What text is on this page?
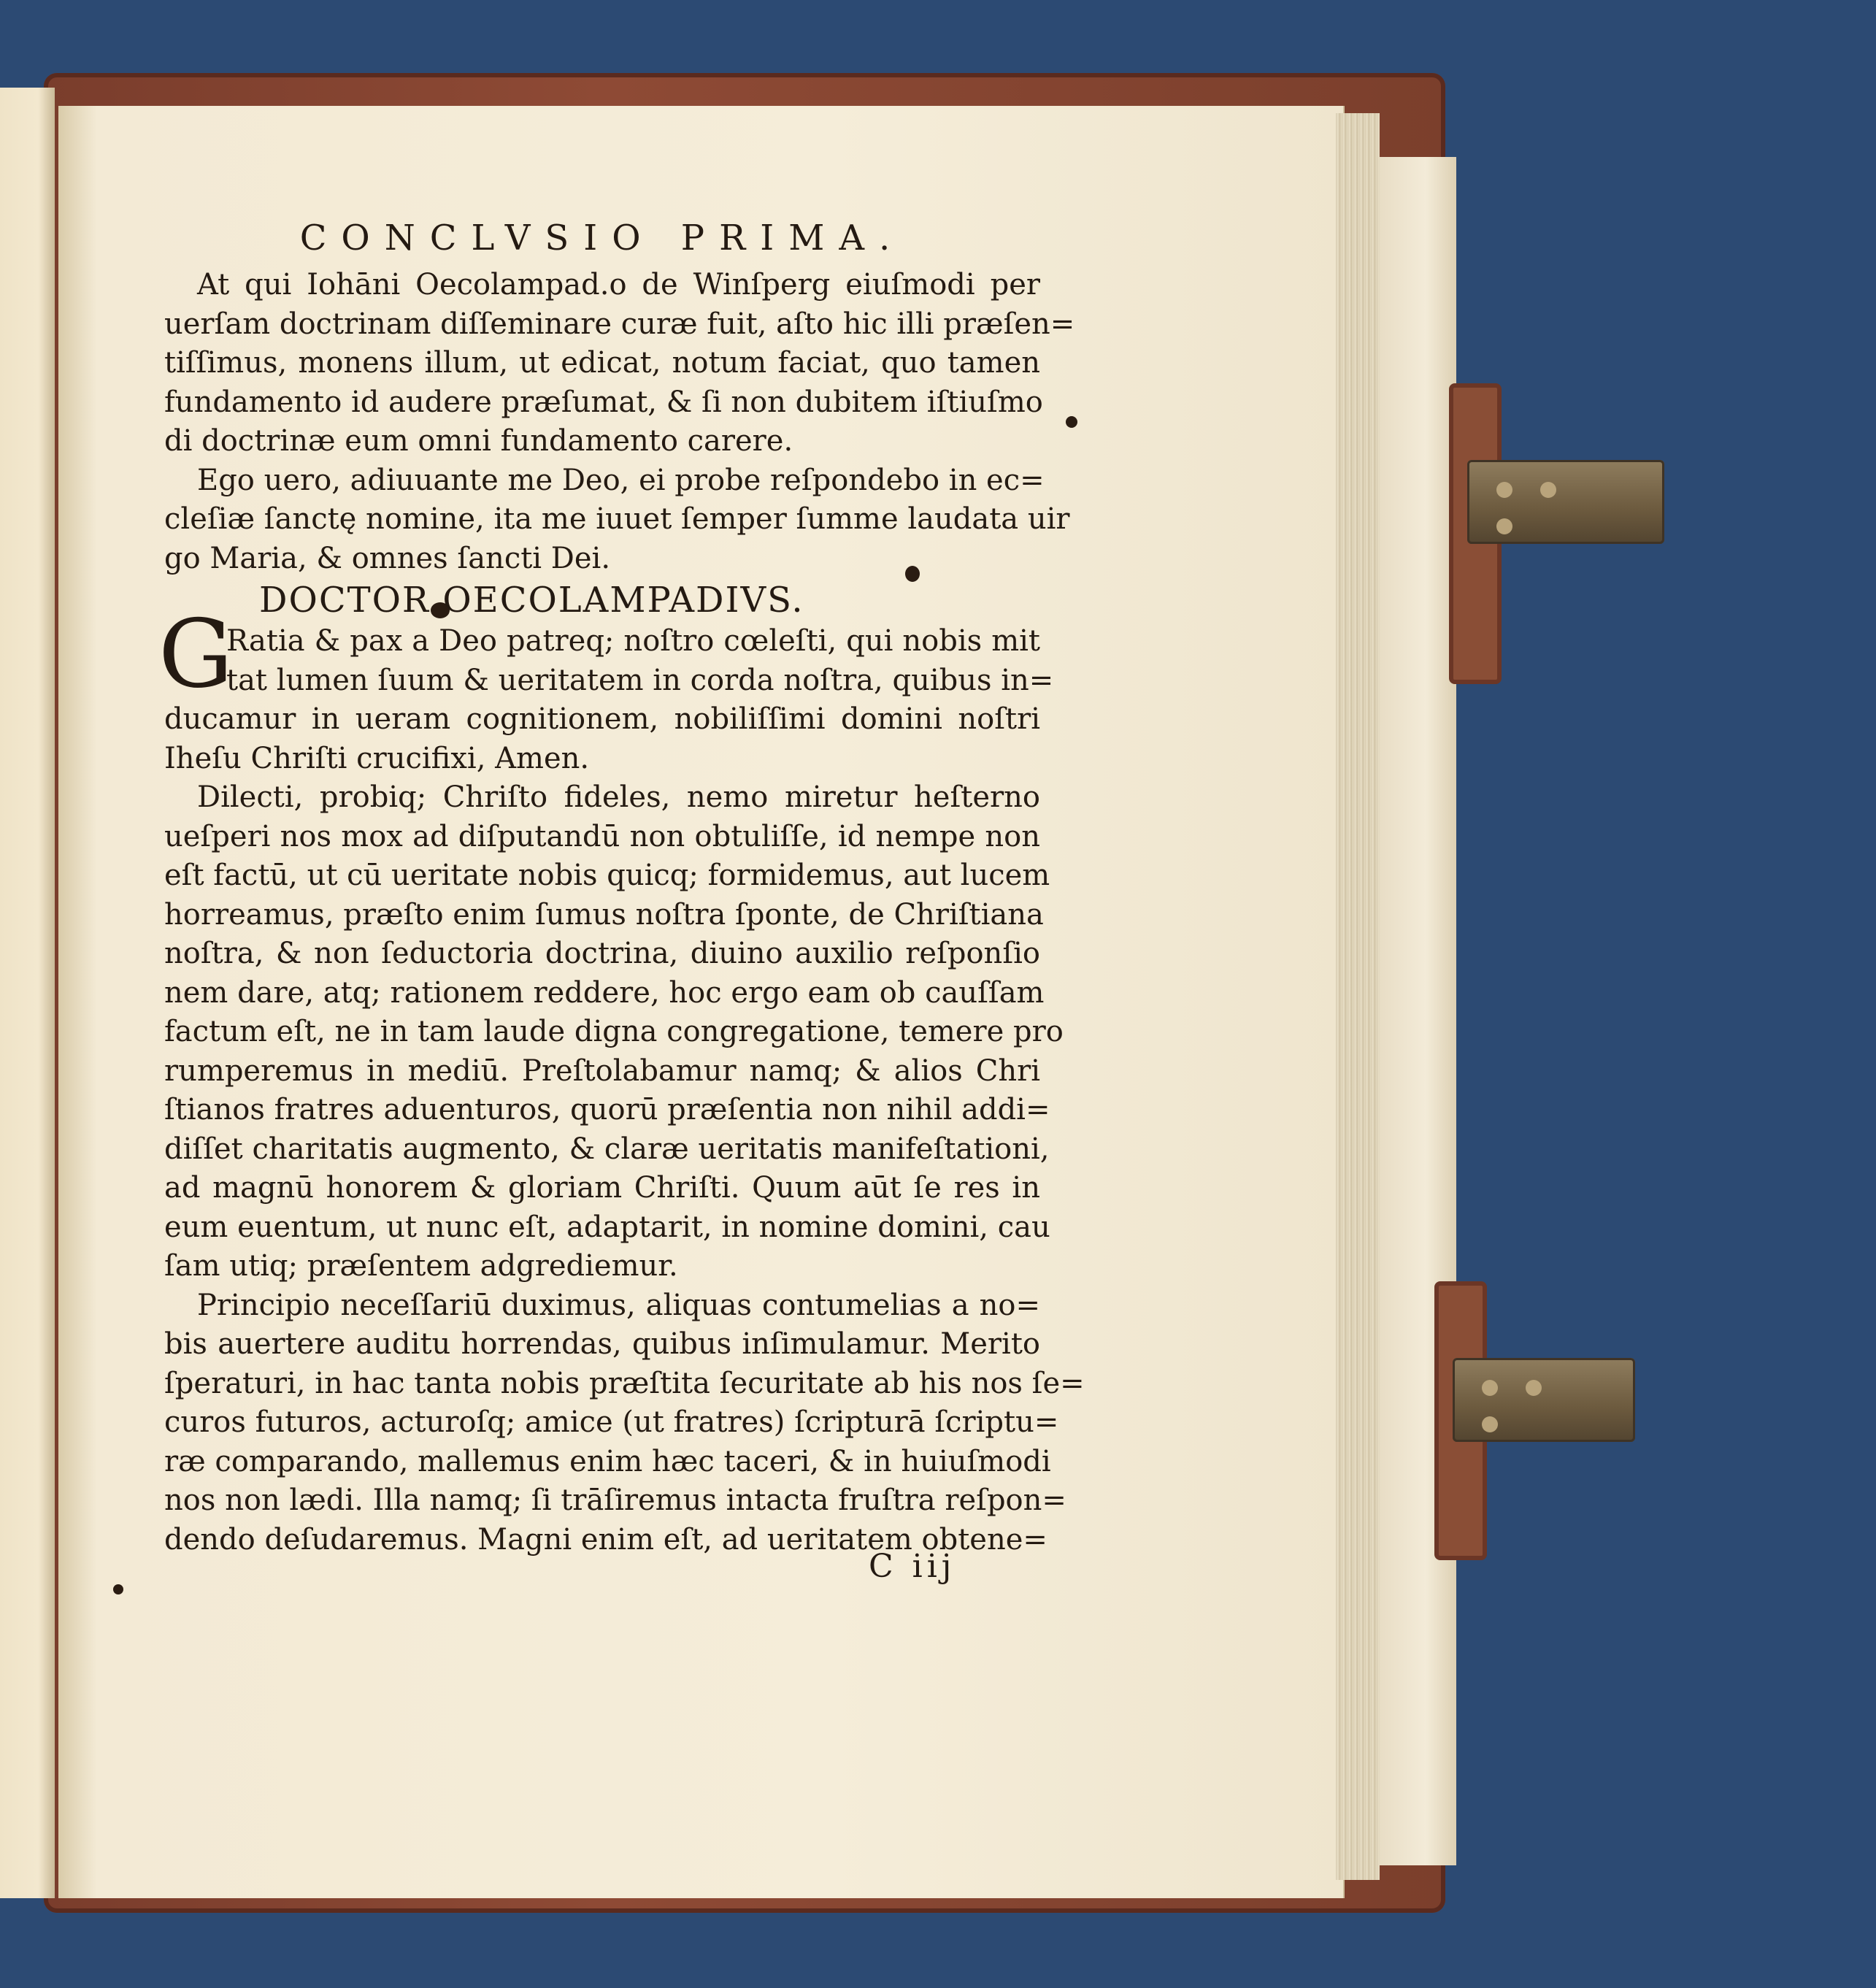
CONCLVSIO PRIMA.
At qui Iohāni Oecolampad.o de Winſperg eiuſmodi per
uerſam doctrinam diſſeminare curæ fuit, aſto hic illi præſen=
tiſſimus, monens illum, ut edicat, notum faciat, quo tamen
fundamento id audere præſumat, & ſi non dubitem iſtiuſmo
di doctrinæ eum omni fundamento carere.
Ego uero, adiuuante me Deo, ei probe reſpondebo in ec=
cleſiæ ſanctę nomine, ita me iuuet ſemper ſumme laudata uir
go Maria, & omnes ſancti Dei.
DOCTOR OECOLAMPADIVS.
G
Ratia & pax a Deo patreq; noſtro cœleſti, qui nobis mit
tat lumen ſuum & ueritatem in corda noſtra, quibus in=
ducamur in ueram cognitionem, nobiliſſimi domini noſtri
Iheſu Chriſti crucifixi, Amen.
Dilecti, probiq; Chriſto fideles, nemo miretur heſterno
ueſperi nos mox ad diſputandū non obtuliſſe, id nempe non
eſt factū, ut cū ueritate nobis quicq; formidemus, aut lucem
horreamus, præſto enim ſumus noſtra ſponte, de Chriſtiana
noſtra, & non ſeductoria doctrina, diuino auxilio reſponſio
nem dare, atq; rationem reddere, hoc ergo eam ob cauſſam
factum eſt, ne in tam laude digna congregatione, temere pro
rumperemus in mediū. Preſtolabamur namq; & alios Chri
ſtianos fratres aduenturos, quorū præſentia non nihil addi=
diſſet charitatis augmento, & claræ ueritatis manifeſtationi,
ad magnū honorem & gloriam Chriſti. Quum aūt ſe res in
eum euentum, ut nunc eſt, adaptarit, in nomine domini, cau
ſam utiq; præſentem adgrediemur.
Principio neceſſariū duximus, aliquas contumelias a no=
bis auertere auditu horrendas, quibus inſimulamur. Merito
ſperaturi, in hac tanta nobis præſtita ſecuritate ab his nos ſe=
curos futuros, acturoſq; amice (ut fratres) ſcripturā ſcriptu=
ræ comparando, mallemus enim hæc taceri, & in huiuſmodi
nos non lædi. Illa namq; ſi trāſiremus intacta fruſtra reſpon=
dendo deſudaremus. Magni enim eſt, ad ueritatem obtene=
C iij
